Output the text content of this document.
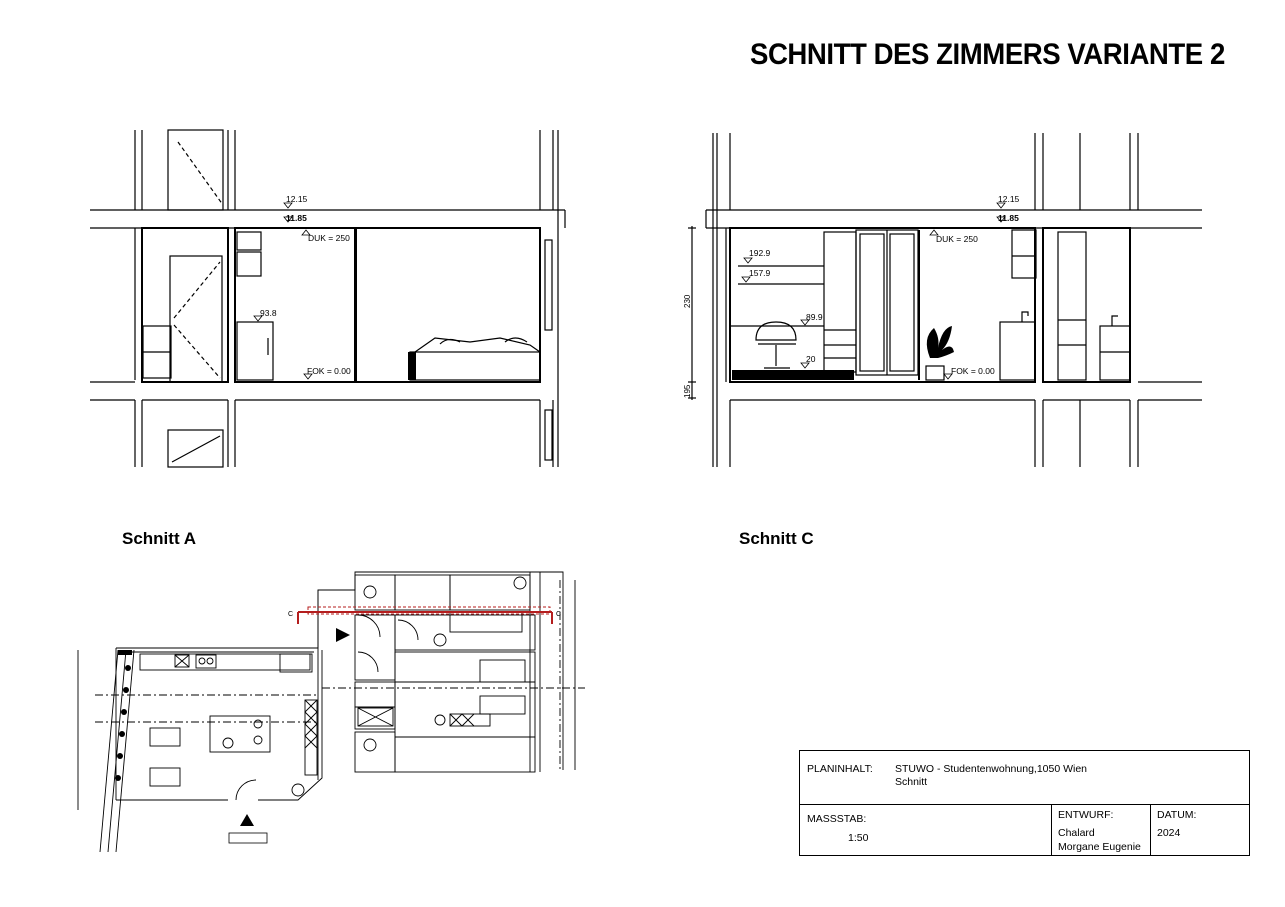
SCHNITT DES ZIMMERS VARIANTE 2
12.15
11.85
DUK = 250
93.8
FOK = 0.00
12.15
11.85
DUK = 250
192.9
157.9
89.9
20
FOK = 0.00
230
195
Schnitt A	Schnitt C
C	C
PLANINHALT: STUWO - Studentenwohnung,1050 Wien
Schnitt
MASSSTAB:
1:50
ENTWURF:
Chalard
Morgane Eugenie
DATUM:
2024
